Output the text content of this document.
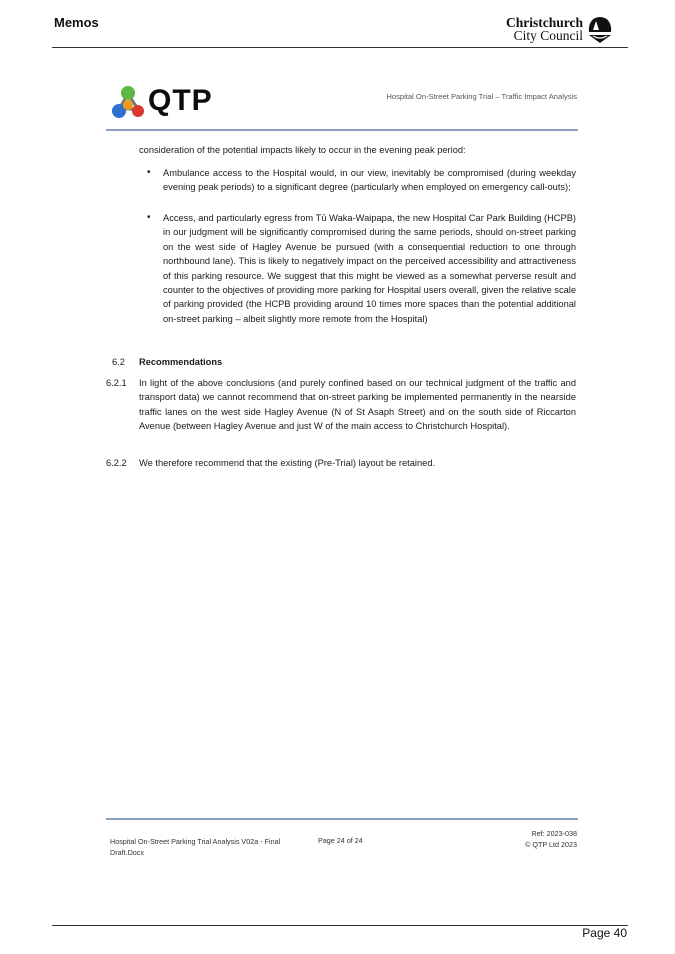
Memos	Christchurch
City Council
QTP	Hospital On-Street Parking Trial – Traffic Impact Analysis
consideration of the potential impacts likely to occur in the evening peak period:
• Ambulance access to the Hospital would, in our view, inevitably be compromised (during weekday evening peak periods) to a significant degree (particularly when employed on emergency call-outs);
• Access, and particularly egress from Tū Waka-Waipapa, the new Hospital Car Park Building (HCPB) in our judgment will be significantly compromised during the same periods, should on-street parking on the west side of Hagley Avenue be pursued (with a consequential reduction to one through northbound lane). This is likely to negatively impact on the perceived accessibility and attractiveness of this parking resource. We suggest that this might be viewed as a somewhat perverse result and counter to the objectives of providing more parking for Hospital users overall, given the relative scale of parking provided (the HCPB providing around 10 times more spaces than the potential additional on-street parking – albeit slightly more remote from the Hospital)
6.2 Recommendations
6.2.1 In light of the above conclusions (and purely confined based on our technical judgment of the traffic and transport data) we cannot recommend that on-street parking be implemented permanently in the nearside traffic lanes on the west side Hagley Avenue (N of St Asaph Street) and on the south side of Riccarton Avenue (between Hagley Avenue and just W of the main access to Christchurch Hospital).
6.2.2 We therefore recommend that the existing (Pre-Trial) layout be retained.
Hospital On-Street Parking Trial Analysis V02a - Final Draft.Docx
Page 24 of 24
Ref: 2023-038
© QTP Ltd 2023
Page 40
